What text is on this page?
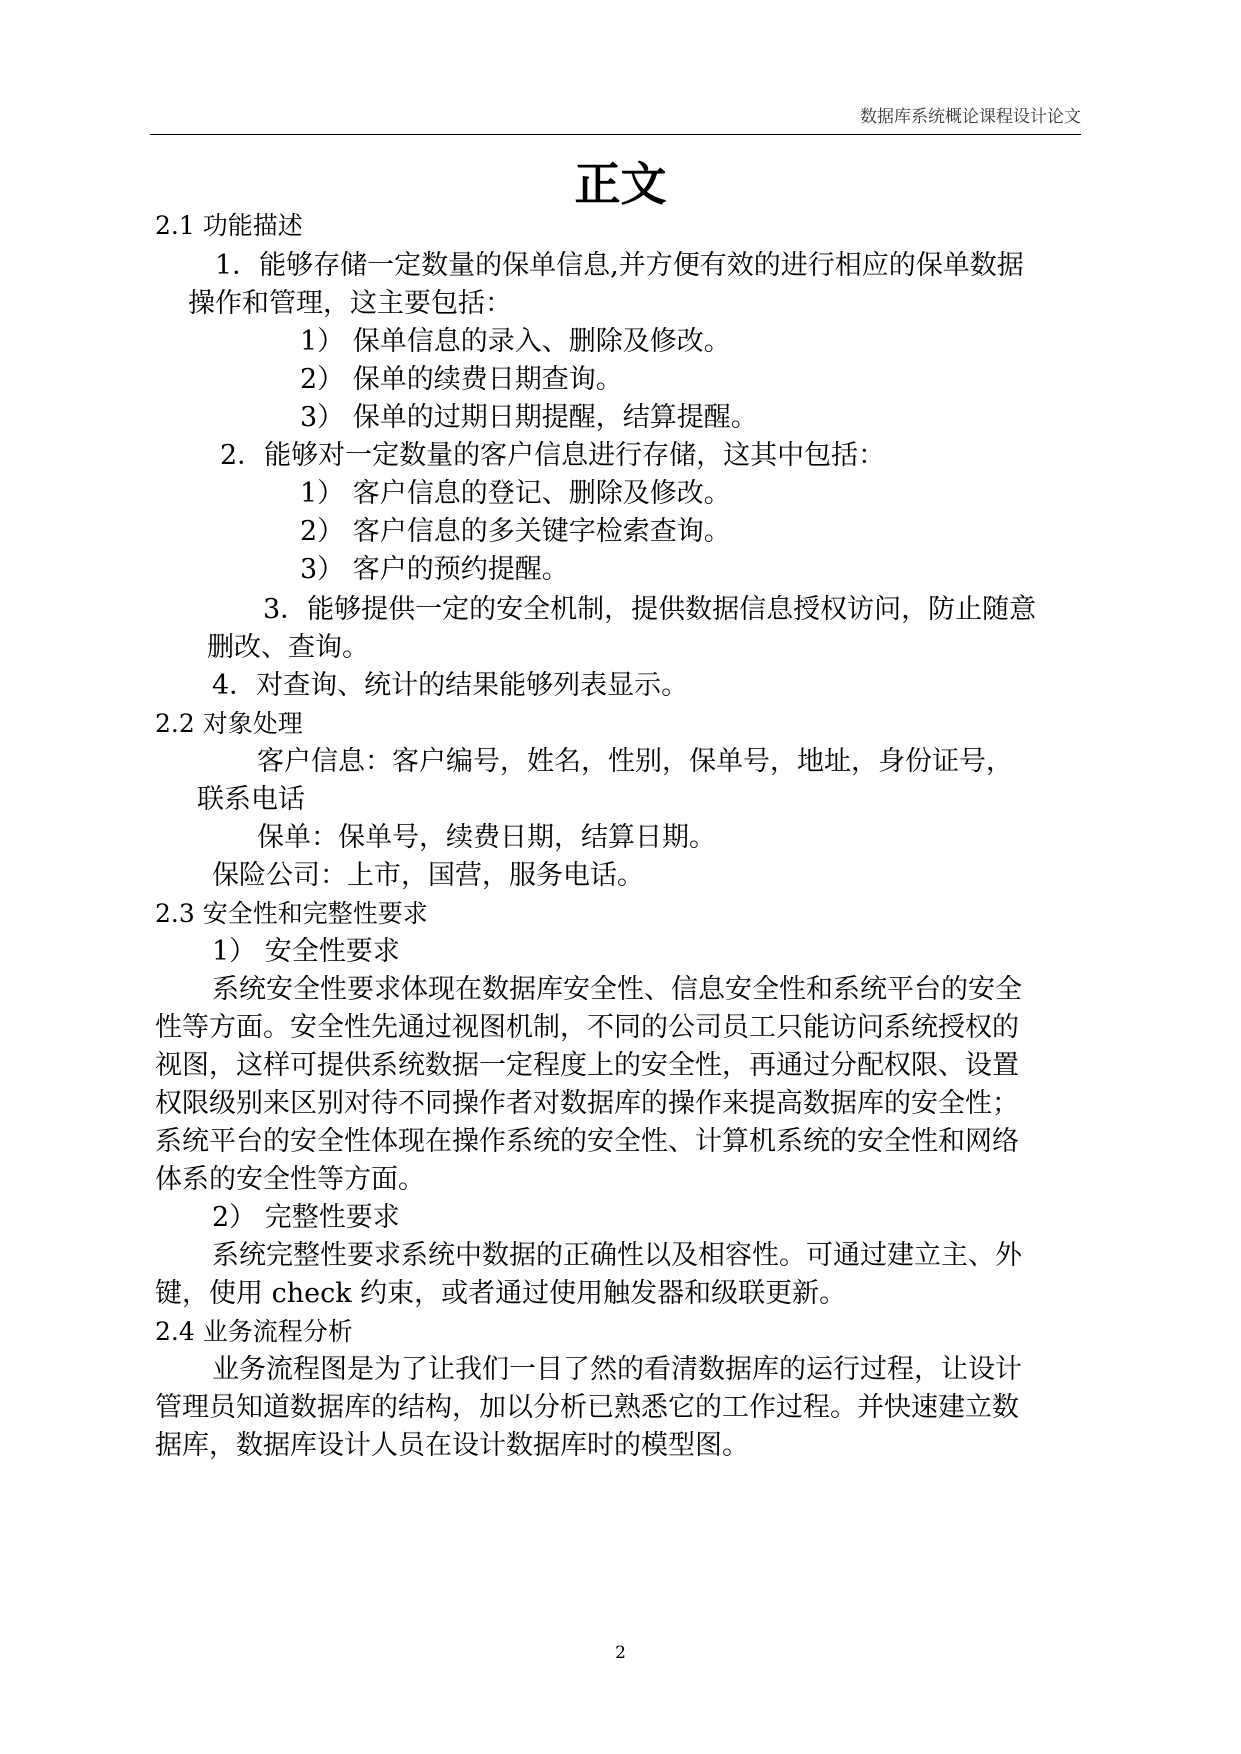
数据库系统概论课程设计论文
正文
2.1 功能描述
1．能够存储一定数量的保单信息,并方便有效的进行相应的保单数据
操作和管理，这主要包括：
1） 保单信息的录入、删除及修改。
2） 保单的续费日期查询。
3） 保单的过期日期提醒，结算提醒。
2．能够对一定数量的客户信息进行存储，这其中包括：
1） 客户信息的登记、删除及修改。
2） 客户信息的多关键字检索查询。
3） 客户的预约提醒。
3．能够提供一定的安全机制，提供数据信息授权访问，防止随意
删改、查询。
4．对查询、统计的结果能够列表显示。
2.2 对象处理
客户信息：客户编号，姓名，性别，保单号，地址，身份证号，
联系电话
保单：保单号，续费日期，结算日期。
保险公司：上市，国营，服务电话。
2.3 安全性和完整性要求
1） 安全性要求
系统安全性要求体现在数据库安全性、信息安全性和系统平台的安全
性等方面。安全性先通过视图机制，不同的公司员工只能访问系统授权的
视图，这样可提供系统数据一定程度上的安全性，再通过分配权限、设置
权限级别来区别对待不同操作者对数据库的操作来提高数据库的安全性；
系统平台的安全性体现在操作系统的安全性、计算机系统的安全性和网络
体系的安全性等方面。
2） 完整性要求
系统完整性要求系统中数据的正确性以及相容性。可通过建立主、外
键，使用 check 约束，或者通过使用触发器和级联更新。
2.4 业务流程分析
业务流程图是为了让我们一目了然的看清数据库的运行过程，让设计
管理员知道数据库的结构，加以分析已熟悉它的工作过程。并快速建立数
据库，数据库设计人员在设计数据库时的模型图。
2
